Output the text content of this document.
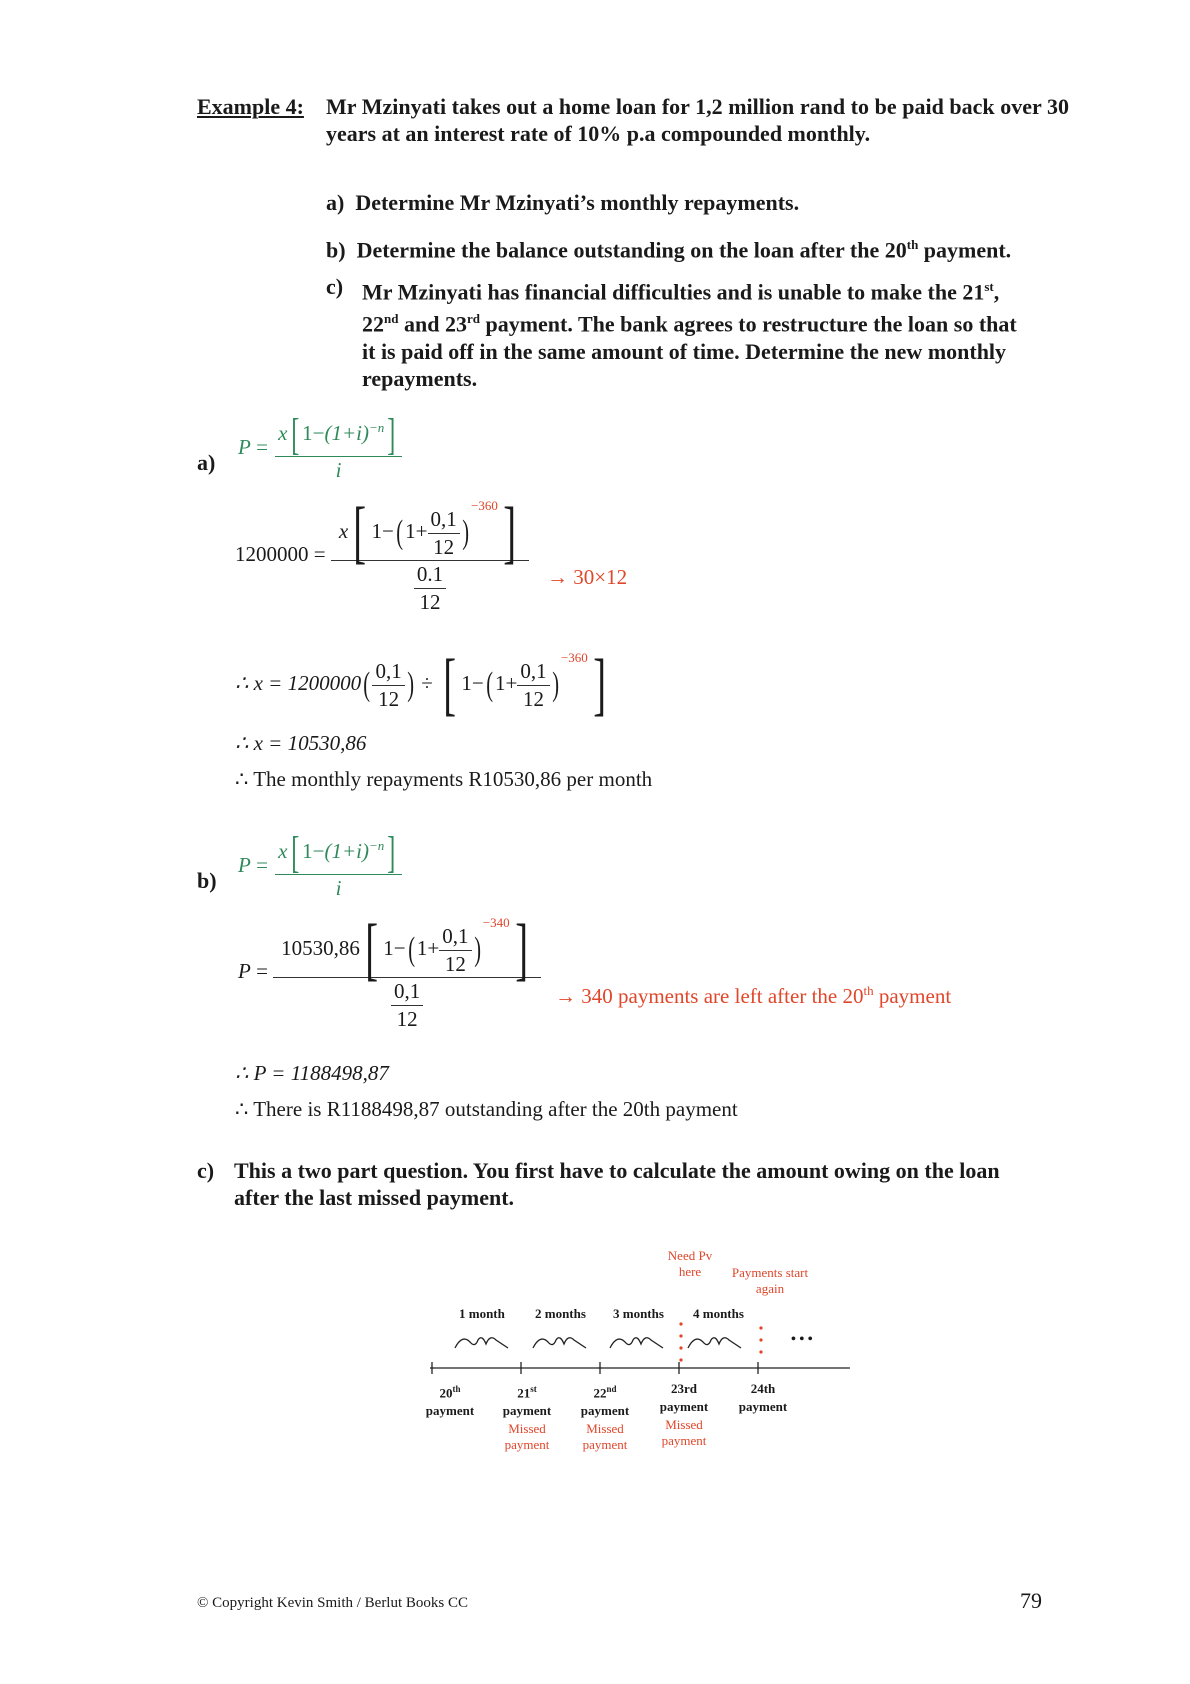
Example 4: Mr Mzinyati takes out a home loan for 1,2 million rand to be paid back over 30 years at an interest rate of 10% p.a compounded monthly.
a) Determine Mr Mzinyati’s monthly repayments.
b) Determine the balance outstanding on the loan after the 20th payment.
c) Mr Mzinyati has financial difficulties and is unable to make the 21st,
22nd and 23rd payment. The bank agrees to restructure the loan so that
it is paid off in the same amount of time. Determine the new monthly
repayments.
a)
$P = \frac{x[ 1-(1+i)^{-n}]}{i}$
$1200000 = \frac{x[ 1-( 1+ \frac{0,1}{12} )^{-360}]}{\frac{0.1}{12}} \to 30\times 12$
∴ $x = 1200000( \frac{0,1}{12}$ ) ÷ [ 1−( $1+ \frac{0,1}{12} )^{-360}$]
∴ x = 10530,86
∴ The monthly repayments R10530,86 per month
b)
$P = \frac{x[ 1-(1+i)^{-n}]}{i}$
$P = \frac{10530,86[ 1-( 1+ \frac{0,1}{12} )^{-340}]}{\frac{0,1}{12}} \to 340$ payments are left after the 20th payment
∴ P = 1188498,87
∴ There is R1188498,87 outstanding after the 20th payment
c) This a two part question. You first have to calculate the amount owing on the loan
after the last missed payment.
Need Pv
here	Payments start
again
1 month 2 months 3 months 4 months
• • •
20th
payment
21st
payment
Missed
payment
22nd
payment
Missed
payment
23rd
payment
Missed
payment
24th
payment
© Copyright Kevin Smith / Berlut Books CC	79
